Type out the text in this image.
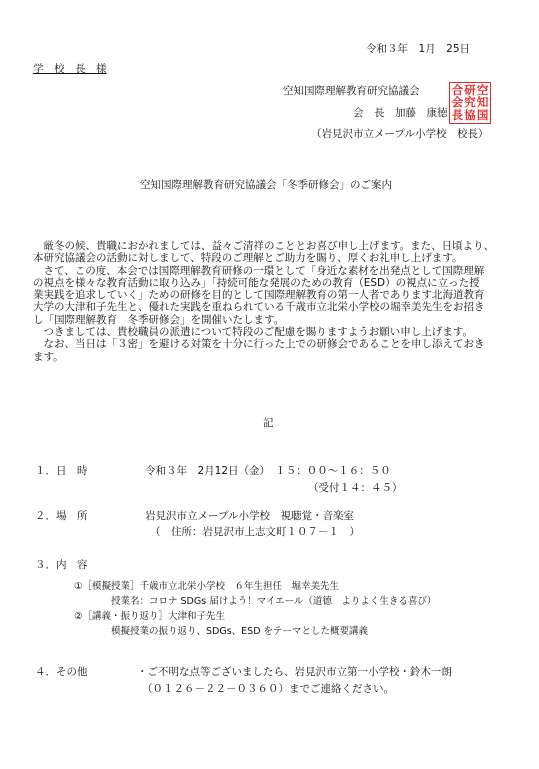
令和３年　1月　25日
学　校　長　様
空知国際理解教育研究協議会
会　長　加藤　康徳
（岩見沢市立メープル小学校　校長）
合 研 空
会 究 知
長 協 国
空知国際理解教育研究協議会「冬季研修会」のご案内
　厳冬の候、貴職におかれましては、益々ご清祥のこととお喜び申し上げます。また、日頃より、
本研究協議会の活動に対しまして、特段のご理解とご助力を賜り、厚くお礼申し上げます。
　さて、この度、本会では国際理解教育研修の一環として「身近な素材を出発点として国際理解
の視点を様々な教育活動に取り込み」「持続可能な発展のための教育（ESD）の視点に立った授
業実践を追求していく」ための研修を目的として国際理解教育の第一人者であります北海道教育
大学の大津和子先生と、優れた実践を重ねられている千歳市立北栄小学校の堀幸美先生をお招き
し「国際理解教育　冬季研修会」を開催いたします。
　つきましては、貴校職員の派遣について特段のご配慮を賜りますようお願い申し上げます。
　なお、当日は「３密」を避ける対策を十分に行った上での研修会であることを申し添えておき
ます。
記
１．日　時	令和３年　2月12日（金）　１５：００～１６：５０
（受付１４：４５）
２．場　所	岩見沢市立メープル小学校　視聴覚・音楽室
（　住所：岩見沢市上志文町１０７－１　）
３．内　容
①［模擬授業］千歳市立北栄小学校　６年生担任　堀幸美先生
授業名：コロナ SDGs 届けよう！マイエール（道德　よりよく生きる喜び）
②［講義・振り返り］大津和子先生
模擬授業の振り返り、SDGs、ESD をテーマとした概要講義
４．その他	・ご不明な点等ございましたら、岩見沢市立第一小学校・鈴木一朗
（０１２６－２２－０３６０）までご連絡ください。
